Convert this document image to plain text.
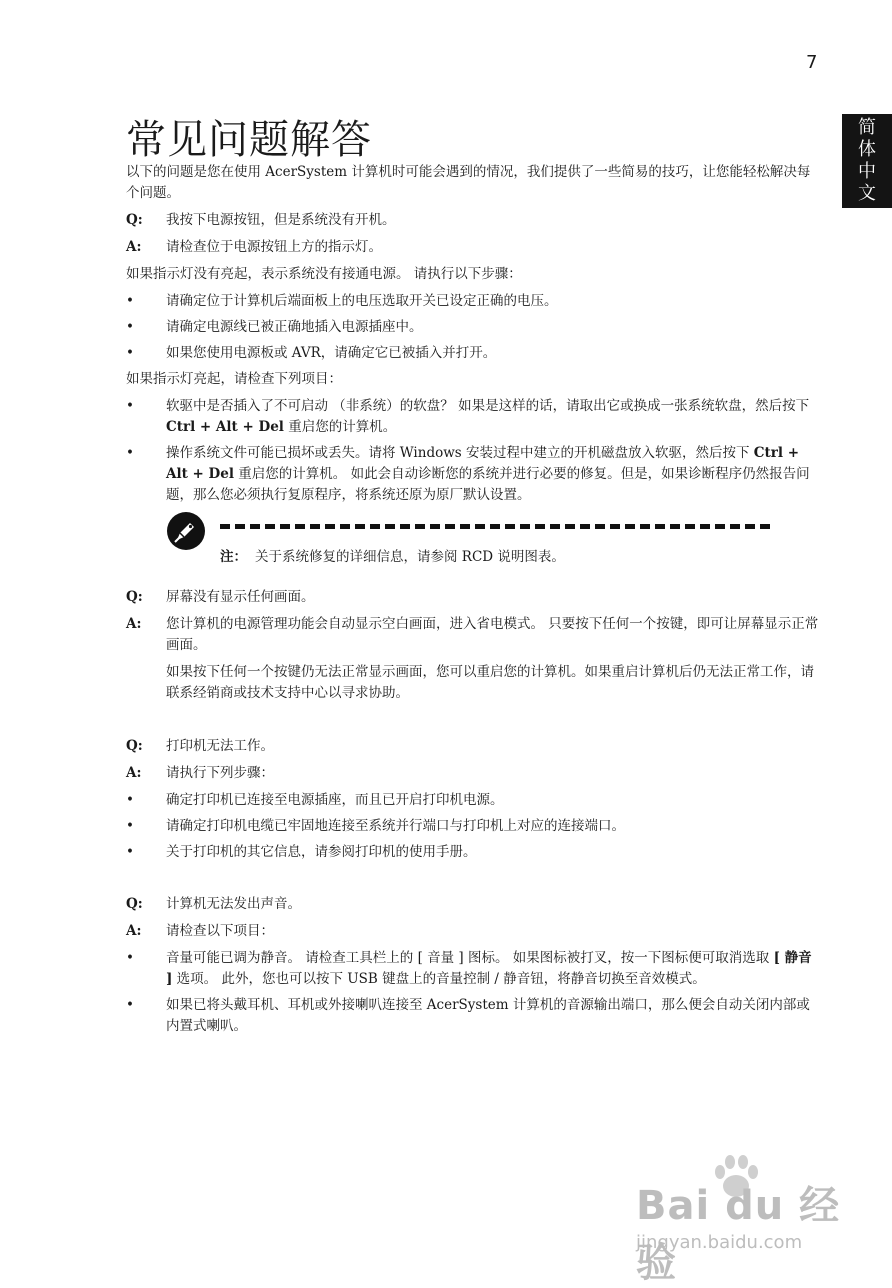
7
简
体
中
文
常见问题解答

以下的问题是您在使用 AcerSystem 计算机时可能会遇到的情况，我们提供了一些简易的技巧，让您能轻松解决每个问题。

Q:	我按下电源按钮，但是系统没有开机。
A:	请检查位于电源按钮上方的指示灯。

如果指示灯没有亮起，表示系统没有接通电源。 请执行以下步骤：

•	请确定位于计算机后端面板上的电压选取开关已设定正确的电压。
•	请确定电源线已被正确地插入电源插座中。
•	如果您使用电源板或 AVR，请确定它已被插入并打开。

如果指示灯亮起，请检查下列项目：

•	软驱中是否插入了不可启动 （非系统）的软盘？ 如果是这样的话，请取出它或换成一张系统软盘，然后按下 Ctrl + Alt + Del 重启您的计算机。
•	操作系统文件可能已损坏或丢失。请将 Windows 安装过程中建立的开机磁盘放入软驱，然后按下 Ctrl + Alt + Del 重启您的计算机。 如此会自动诊断您的系统并进行必要的修复。但是，如果诊断程序仍然报告问题，那么您必须执行复原程序，将系统还原为原厂默认设置。
注： 关于系统修复的详细信息，请参阅 RCD 说明图表。
Q:	屏幕没有显示任何画面。
A:	您计算机的电源管理功能会自动显示空白画面，进入省电模式。 只要按下任何一个按键，即可让屏幕显示正常画面。

如果按下任何一个按键仍无法正常显示画面，您可以重启您的计算机。如果重启计算机后仍无法正常工作，请联系经销商或技术支持中心以寻求协助。

Q:	打印机无法工作。
A:	请执行下列步骤：
•	确定打印机已连接至电源插座，而且已开启打印机电源。
•	请确定打印机电缆已牢固地连接至系统并行端口与打印机上对应的连接端口。
•	关于打印机的其它信息，请参阅打印机的使用手册。
Q:	计算机无法发出声音。
A:	请检查以下项目：
•	音量可能已调为静音。 请检查工具栏上的 [ 音量 ] 图标。 如果图标被打叉，按一下图标便可取消选取 [ 静音 ] 选项。 此外，您也可以按下 USB 键盘上的音量控制 / 静音钮，将静音切换至音效模式。
•	如果已将头戴耳机、耳机或外接喇叭连接至 AcerSystem 计算机的音源输出端口，那么便会自动关闭内部或内置式喇叭。
Bai du 经验
jingyan.baidu.com
